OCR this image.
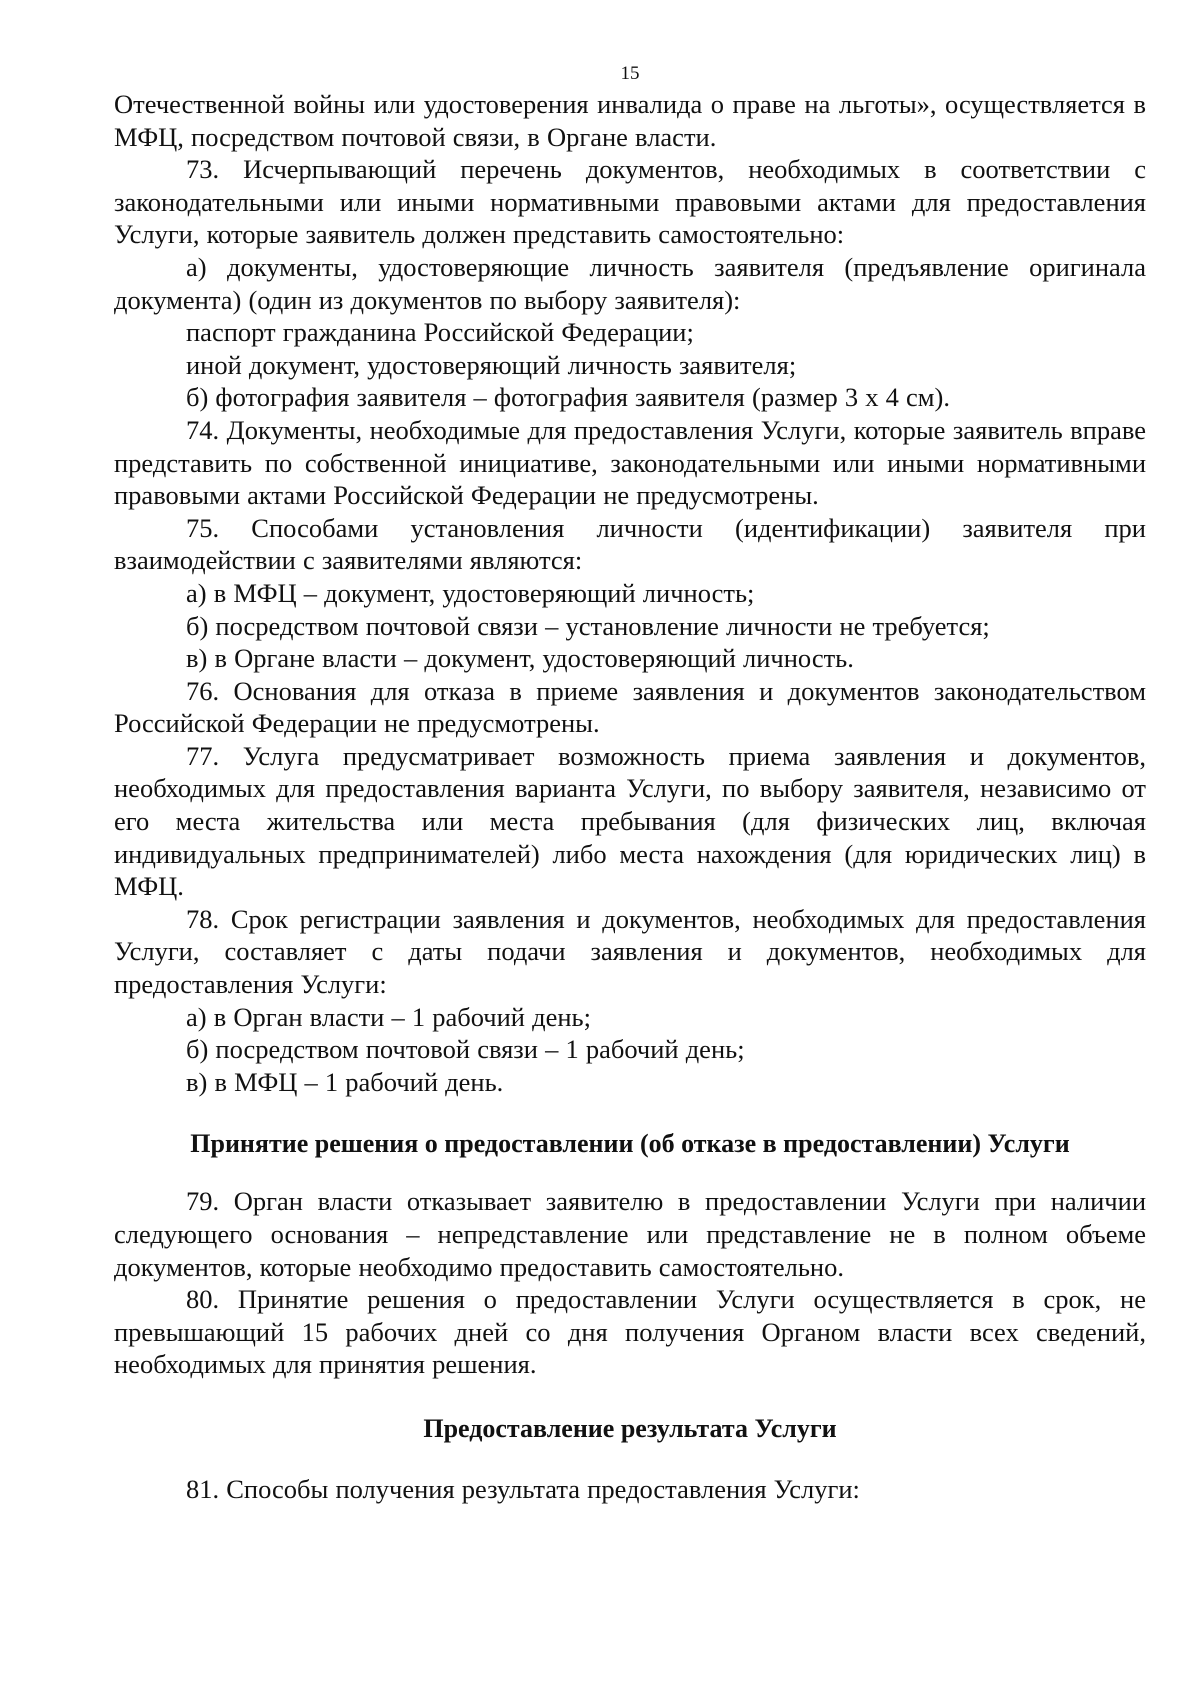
15

Отечественной войны или удостоверения инвалида о праве на льготы», осуществляется в МФЦ, посредством почтовой связи, в Органе власти.

73. Исчерпывающий перечень документов, необходимых в соответствии с законодательными или иными нормативными правовыми актами для предоставления Услуги, которые заявитель должен представить самостоятельно:

а) документы, удостоверяющие личность заявителя (предъявление оригинала документа) (один из документов по выбору заявителя):

паспорт гражданина Российской Федерации;

иной документ, удостоверяющий личность заявителя;

б) фотография заявителя – фотография заявителя (размер 3 х 4 см).

74. Документы, необходимые для предоставления Услуги, которые заявитель вправе представить по собственной инициативе, законодательными или иными нормативными правовыми актами Российской Федерации не предусмотрены.

75. Способами установления личности (идентификации) заявителя при взаимодействии с заявителями являются:

а) в МФЦ – документ, удостоверяющий личность;

б) посредством почтовой связи – установление личности не требуется;

в) в Органе власти – документ, удостоверяющий личность.

76. Основания для отказа в приеме заявления и документов законодательством Российской Федерации не предусмотрены.

77. Услуга предусматривает возможность приема заявления и документов, необходимых для предоставления варианта Услуги, по выбору заявителя, независимо от его места жительства или места пребывания (для физических лиц, включая индивидуальных предпринимателей) либо места нахождения (для юридических лиц) в МФЦ.

78. Срок регистрации заявления и документов, необходимых для предоставления Услуги, составляет с даты подачи заявления и документов, необходимых для предоставления Услуги:

а) в Орган власти – 1 рабочий день;

б) посредством почтовой связи – 1 рабочий день;

в) в МФЦ – 1 рабочий день.

Принятие решения о предоставлении (об отказе в предоставлении) Услуги

79. Орган власти отказывает заявителю в предоставлении Услуги при наличии следующего основания – непредставление или представление не в полном объеме документов, которые необходимо предоставить самостоятельно.

80. Принятие решения о предоставлении Услуги осуществляется в срок, не превышающий 15 рабочих дней со дня получения Органом власти всех сведений, необходимых для принятия решения.

Предоставление результата Услуги

81. Способы получения результата предоставления Услуги:
